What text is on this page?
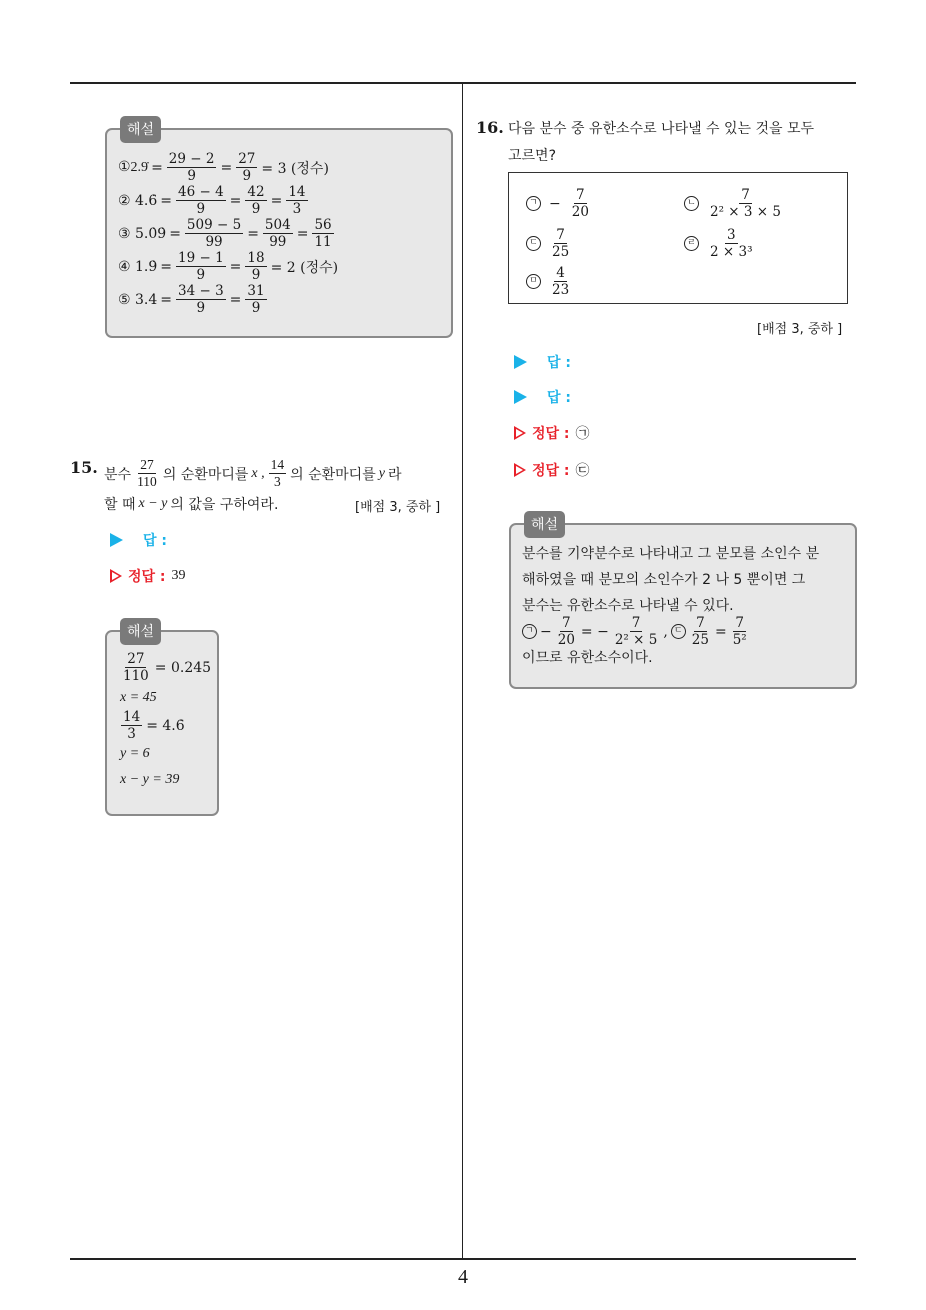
4
해설
①2.9̇ = $\frac{29 - 2}{9} = \frac{27}{9} = 3$ (정수)
② 4.6̇ = $\frac{46 - 4}{9} = \frac{42}{9} = \frac{14}{3}$
③ 5.0̇9̇ = $\frac{509 - 5}{99} = \frac{504}{99} = \frac{56}{11}$
④ 1.9̇ = $\frac{19 - 1}{9} = \frac{18}{9} = 2$ (정수)
⑤ 3.4̇ = $\frac{34 - 3}{9} = \frac{31}{9}$
15. 분수 $\frac{27}{110}$ 의 순환마디를 x , $\frac{14}{3}$ 의 순환마디를 y 라
할 때 x − y 의 값을 구하여라.	[배점 3, 중하 ]
답 :
정답 : 39
해설
$\frac{27}{110}$ = 0.24̇5̇
x = 45
$\frac{14}{3}$ = 4.6̇
y = 6
x − y = 39
16. 다음 분수 중 유한소수로 나타낼 수 있는 것을 모두
고르면?
ㄱ − $\frac{7}{20}$	ㄴ $\frac{7}{\text{2² × 3 × 5}}$
ㄷ $\frac{7}{25}$	ㄹ $\frac{3}{\text{2 × 3³}}$
ㅁ $\frac{4}{23}$
[배점 3, 중하 ]
답 :
답 :
정답 : ㉠
정답 : ㉢
해설
분수를 기약분수로 나타내고 그 분모를 소인수 분
해하였을 때 분모의 소인수가 2 나 5 뿐이면 그
분수는 유한소수로 나타낼 수 있다.
ㄱ − $\frac{7}{20}$ = − $\frac{7}{\text{2² × 5}}$ , ㄷ $\frac{7}{25} = \frac{7}{\text{5²}}$
이므로 유한소수이다.
